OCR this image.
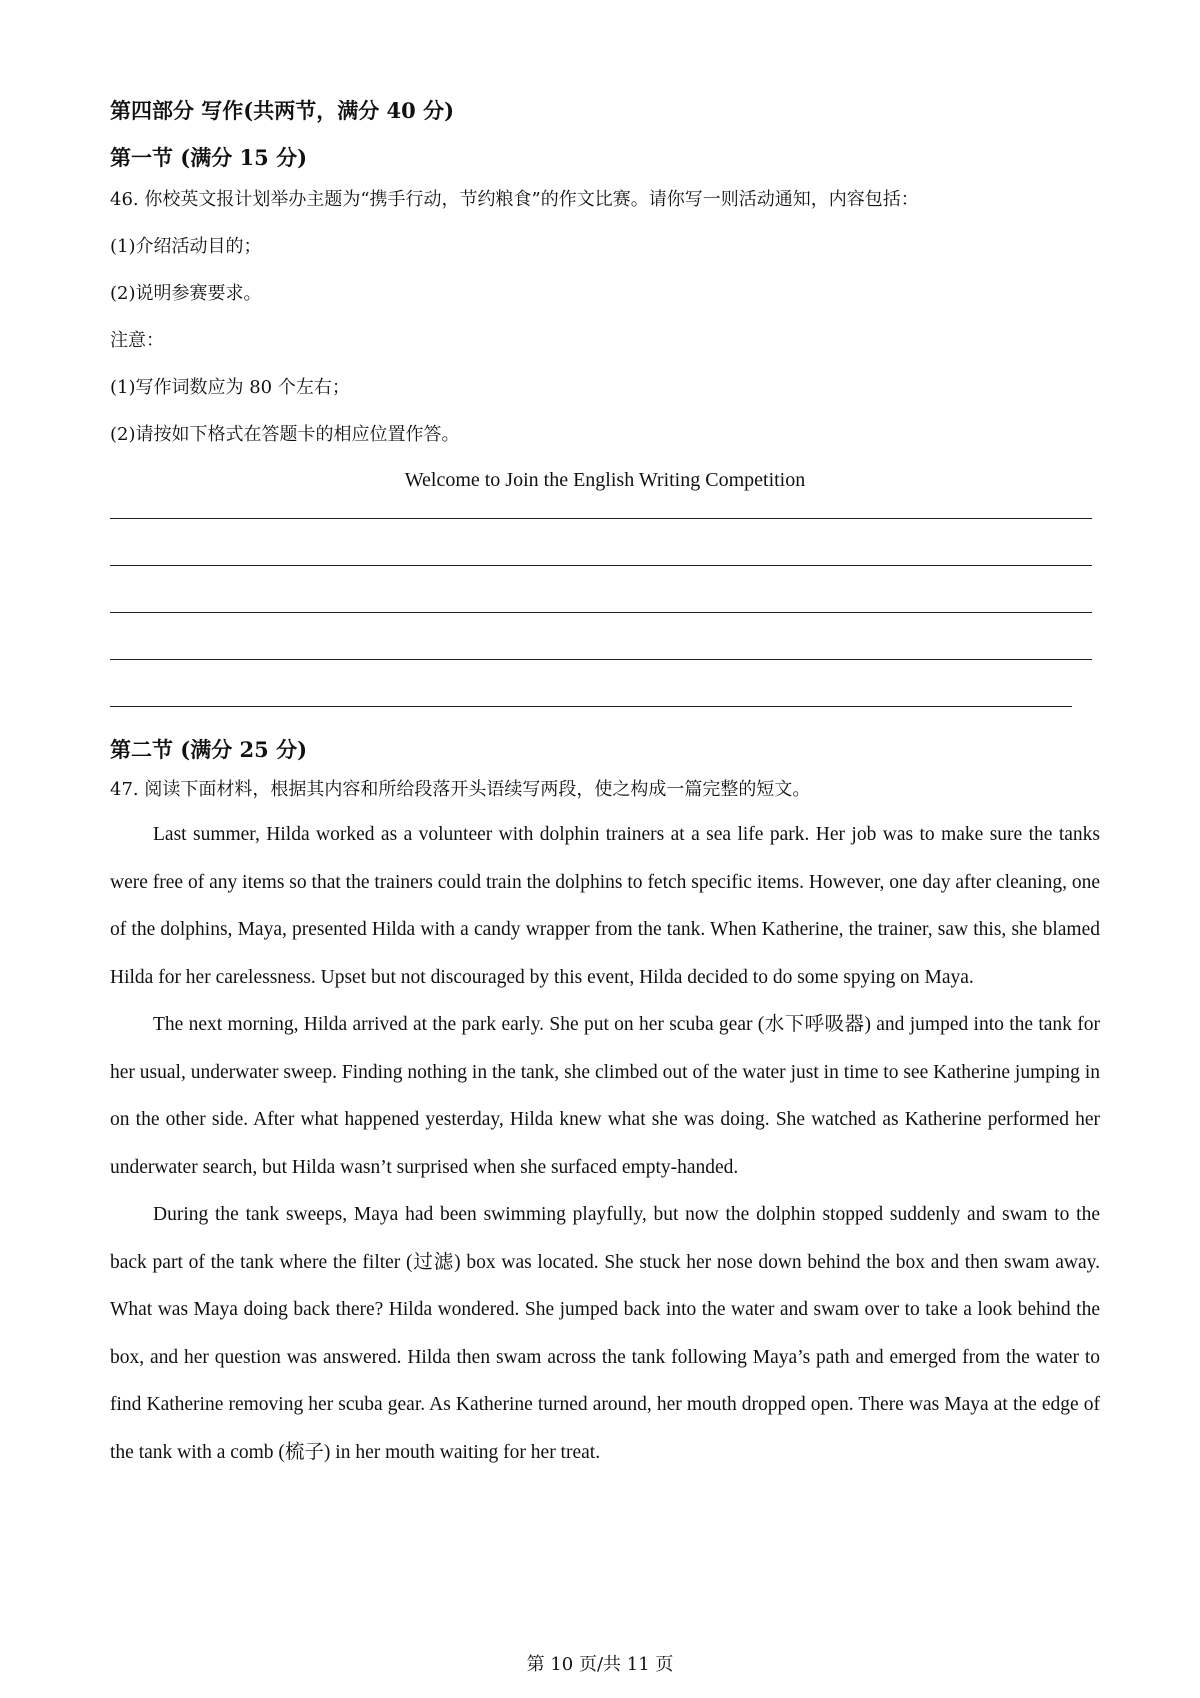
第四部分 写作(共两节，满分 40 分)

第一节 (满分 15 分)

46. 你校英文报计划举办主题为“携手行动，节约粮食”的作文比赛。请你写一则活动通知，内容包括：

(1)介绍活动目的；

(2)说明参赛要求。

注意：

(1)写作词数应为 80 个左右；

(2)请按如下格式在答题卡的相应位置作答。

Welcome to Join the English Writing Competition

第二节 (满分 25 分)

47. 阅读下面材料，根据其内容和所给段落开头语续写两段，使之构成一篇完整的短文。

Last summer, Hilda worked as a volunteer with dolphin trainers at a sea life park. Her job was to make sure the tanks were free of any items so that the trainers could train the dolphins to fetch specific items. However, one day after cleaning, one of the dolphins, Maya, presented Hilda with a candy wrapper from the tank. When Katherine, the trainer, saw this, she blamed Hilda for her carelessness. Upset but not discouraged by this event, Hilda decided to do some spying on Maya.

The next morning, Hilda arrived at the park early. She put on her scuba gear (水下呼吸器) and jumped into the tank for her usual, underwater sweep. Finding nothing in the tank, she climbed out of the water just in time to see Katherine jumping in on the other side. After what happened yesterday, Hilda knew what she was doing. She watched as Katherine performed her underwater search, but Hilda wasn’t surprised when she surfaced empty-handed.

During the tank sweeps, Maya had been swimming playfully, but now the dolphin stopped suddenly and swam to the back part of the tank where the filter (过滤) box was located. She stuck her nose down behind the box and then swam away. What was Maya doing back there? Hilda wondered. She jumped back into the water and swam over to take a look behind the box, and her question was answered. Hilda then swam across the tank following Maya’s path and emerged from the water to find Katherine removing her scuba gear. As Katherine turned around, her mouth dropped open. There was Maya at the edge of the tank with a comb (梳子) in her mouth waiting for her treat.

第 10 页/共 11 页
